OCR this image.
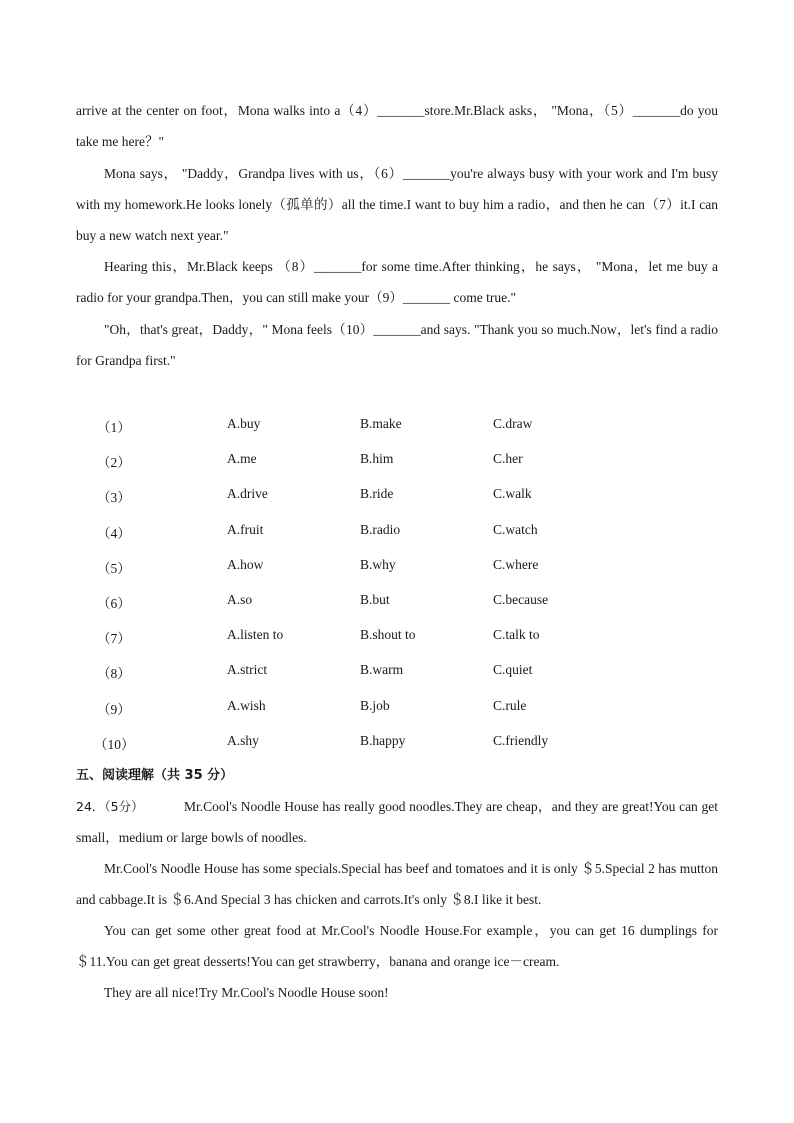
arrive at the center on foot，Mona walks into a（4）_______store.Mr.Black asks， "Mona，（5）_______do you take me here？"

Mona says， "Daddy，Grandpa lives with us，（6）_______you're always busy with your work and I'm busy with my homework.He looks lonely（孤单的）all the time.I want to buy him a radio，and then he can（7）it.I can buy a new watch next year."

Hearing this，Mr.Black keeps （8）_______for some time.After thinking，he says， "Mona，let me buy a radio for your grandpa.Then，you can still make your（9）_______ come true."

"Oh，that's great，Daddy，" Mona feels（10）_______and says. "Thank you so much.Now，let's find a radio for Grandpa first."

（1）	A.buy	B.make	C.draw
（2）	A.me	B.him	C.her
（3）	A.drive	B.ride	C.walk
（4）	A.fruit	B.radio	C.watch
（5）	A.how	B.why	C.where
（6）	A.so	B.but	C.because
（7）	A.listen to	B.shout to	C.talk to
（8）	A.strict	B.warm	C.quiet
（9）	A.wish	B.job	C.rule
（10）	A.shy	B.happy	C.friendly

五、阅读理解（共 35 分）

24．（5分）	Mr.Cool's Noodle House has really good noodles.They are cheap，and they are great!You can get small，medium or large bowls of noodles.

Mr.Cool's Noodle House has some specials.Special has beef and tomatoes and it is only ＄5.Special 2 has mutton and cabbage.It is ＄6.And Special 3 has chicken and carrots.It's only ＄8.I like it best.

You can get some other great food at Mr.Cool's Noodle House.For example，you can get 16 dumplings for ＄11.You can get great desserts!You can get strawberry，banana and orange ice－cream.

They are all nice!Try Mr.Cool's Noodle House soon!
